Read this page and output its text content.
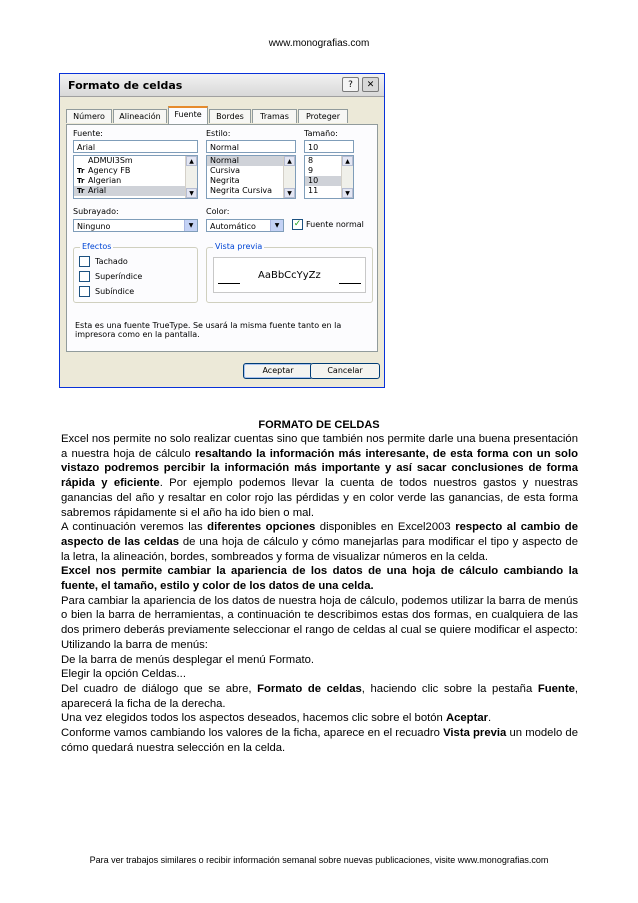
www.monografias.com
Formato de celdas	?	✕
Número	Alineación	Fuente	Bordes	Tramas	Proteger
Fuente:
Arial
ADMUI3Sm
Tr Agency FB
Tr Algerian
Tr Arial
▲
▼
Estilo:
Normal
Normal
Cursiva
Negrita
Negrita Cursiva
▲
▼
Tamaño:
10
8
9
10
11
▲
▼
Subrayado:
Ninguno	▼
Color:
Automático	▼	✓ Fuente normal
Efectos
Tachado
Superíndice
Subíndice
Vista previa
AaBbCcYyZz
Esta es una fuente TrueType. Se usará la misma fuente tanto en la impresora como en la pantalla.
Aceptar	Cancelar
FORMATO DE CELDAS

Excel nos permite no solo realizar cuentas sino que también nos permite darle una buena presentación a nuestra hoja de cálculo resaltando la información más interesante, de esta forma con un solo vistazo podremos percibir la información más importante y así sacar conclusiones de forma rápida y eficiente. Por ejemplo podemos llevar la cuenta de todos nuestros gastos y nuestras ganancias del año y resaltar en color rojo las pérdidas y en color verde las ganancias, de esta forma sabremos rápidamente si el año ha ido bien o mal.

A continuación veremos las diferentes opciones disponibles en Excel2003 respecto al cambio de aspecto de las celdas de una hoja de cálculo y cómo manejarlas para modificar el tipo y aspecto de la letra, la alineación, bordes, sombreados y forma de visualizar números en la celda.

Excel nos permite cambiar la apariencia de los datos de una hoja de cálculo cambiando la fuente, el tamaño, estilo y color de los datos de una celda.

Para cambiar la apariencia de los datos de nuestra hoja de cálculo, podemos utilizar la barra de menús o bien la barra de herramientas, a continuación te describimos estas dos formas, en cualquiera de las dos primero deberás previamente seleccionar el rango de celdas al cual se quiere modificar el aspecto:

Utilizando la barra de menús:

De la barra de menús desplegar el menú Formato.

Elegir la opción Celdas...

Del cuadro de diálogo que se abre, Formato de celdas, haciendo clic sobre la pestaña Fuente, aparecerá la ficha de la derecha.

Una vez elegidos todos los aspectos deseados, hacemos clic sobre el botón Aceptar.

Conforme vamos cambiando los valores de la ficha, aparece en el recuadro Vista previa un modelo de cómo quedará nuestra selección en la celda.

Para ver trabajos similares o recibir información semanal sobre nuevas publicaciones, visite www.monografias.com
